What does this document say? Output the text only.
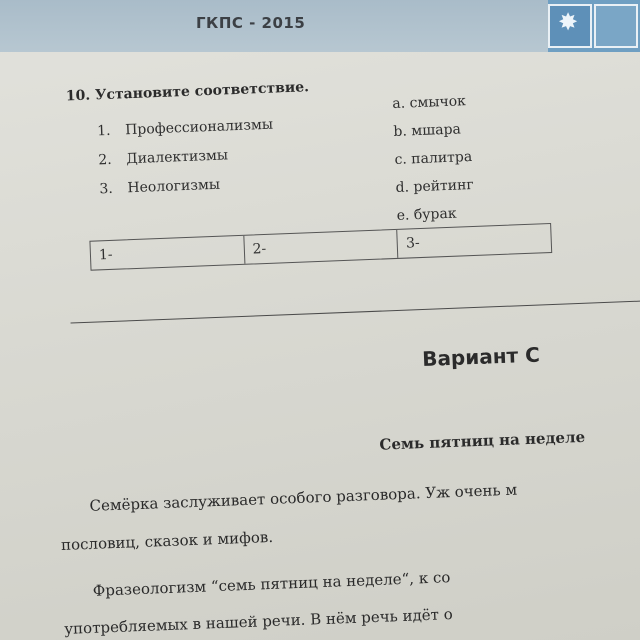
ГКПС - 2015	✸
10. Установите соответствие.
1. Профессионализмы
2. Диалектизмы
3. Неологизмы
a. смычок
b. мшара
c. палитра
d. рейтинг
e. бурак
1-	2-	3-
Вариант С
Семь пятниц на неделе
Семёрка заслуживает особого разговора. Уж очень м
пословиц, сказок и мифов.
Фразеологизм “семь пятниц на неделе“, к со
употребляемых в нашей речи. В нём речь идёт о
